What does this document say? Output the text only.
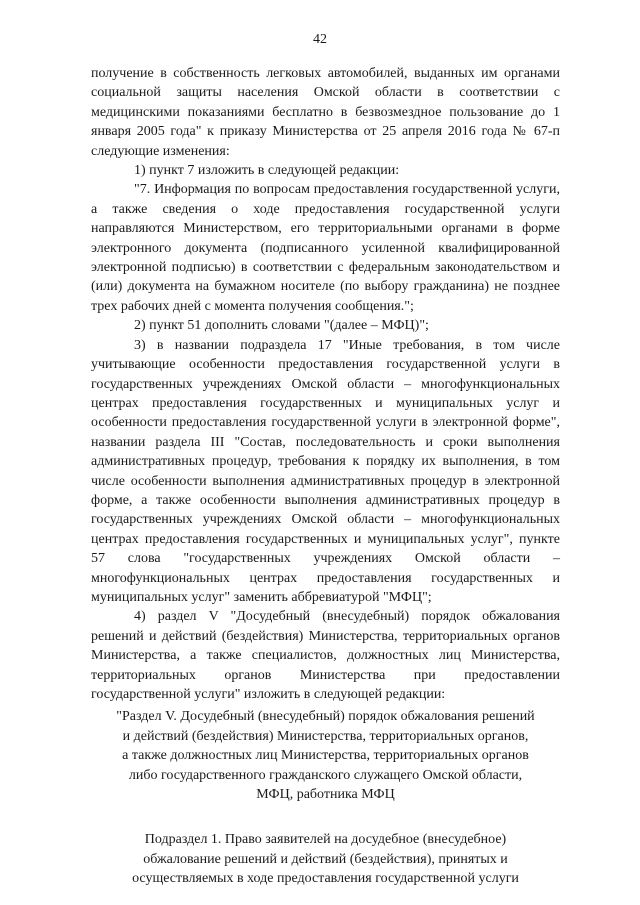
42

получение в собственность легковых автомобилей, выданных им органами социальной защиты населения Омской области в соответствии с медицинскими показаниями бесплатно в безвозмездное пользование до 1 января 2005 года" к приказу Министерства от 25 апреля 2016 года № 67-п следующие изменения:

1) пункт 7 изложить в следующей редакции:

"7. Информация по вопросам предоставления государственной услуги, а также сведения о ходе предоставления государственной услуги направляются Министерством, его территориальными органами в форме электронного документа (подписанного усиленной квалифицированной электронной подписью) в соответствии с федеральным законодательством и (или) документа на бумажном носителе (по выбору гражданина) не позднее трех рабочих дней с момента получения сообщения.";

2) пункт 51 дополнить словами "(далее – МФЦ)";

3) в названии подраздела 17 "Иные требования, в том числе учитывающие особенности предоставления государственной услуги в государственных учреждениях Омской области – многофункциональных центрах предоставления государственных и муниципальных услуг и особенности предоставления государственной услуги в электронной форме", названии раздела III "Состав, последовательность и сроки выполнения административных процедур, требования к порядку их выполнения, в том числе особенности выполнения административных процедур в электронной форме, а также особенности выполнения административных процедур в государственных учреждениях Омской области – многофункциональных центрах предоставления государственных и муниципальных услуг", пункте 57 слова "государственных учреждениях Омской области – многофункциональных центрах предоставления государственных и муниципальных услуг" заменить аббревиатурой "МФЦ";

4) раздел V "Досудебный (внесудебный) порядок обжалования решений и действий (бездействия) Министерства, территориальных органов Министерства, а также специалистов, должностных лиц Министерства, территориальных органов Министерства при предоставлении государственной услуги" изложить в следующей редакции:

"Раздел V. Досудебный (внесудебный) порядок обжалования решений

и действий (бездействия) Министерства, территориальных органов,

а также должностных лиц Министерства, территориальных органов

либо государственного гражданского служащего Омской области,

МФЦ, работника МФЦ

Подраздел 1. Право заявителей на досудебное (внесудебное)

обжалование решений и действий (бездействия), принятых и

осуществляемых в ходе предоставления государственной услуги
